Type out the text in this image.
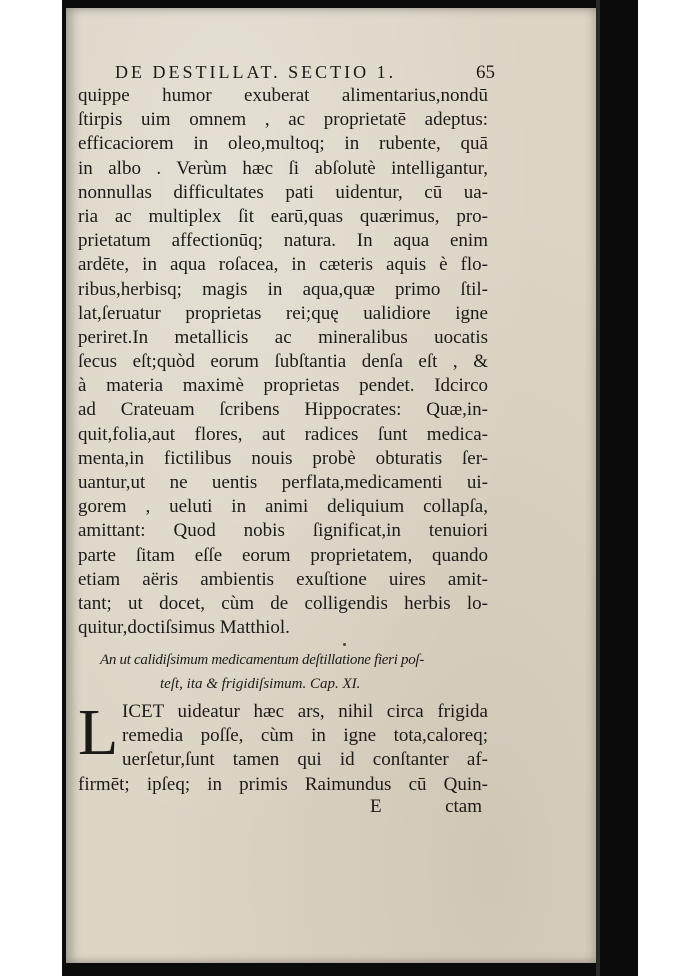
DE DESTILLAT. SECTIO 1.	65
quippe humor exuberat alimentarius,nondū
ſtirpis uim omnem , ac proprietatē adeptus:
efficaciorem in oleo,multoq; in rubente, quā
in albo . Verùm hæc ſi abſolutè intelligantur,
nonnullas difficultates pati uidentur, cū ua-
ria ac multiplex ſit earū,quas quærimus, pro-
prietatum affectionūq; natura. In aqua enim
ardēte, in aqua roſacea, in cæteris aquis è flo-
ribus,herbisq; magis in aqua,quæ primo ſtil-
lat,ſeruatur proprietas rei;quę ualidiore igne
periret.In metallicis ac mineralibus uocatis
ſecus eſt;quòd eorum ſubſtantia denſa eſt , &
à materia maximè proprietas pendet. Idcirco
ad Crateuam ſcribens Hippocrates: Quæ,in-
quit,folia,aut flores, aut radices ſunt medica-
menta,in fictilibus nouis probè obturatis ſer-
uantur,ut ne uentis perflata,medicamenti ui-
gorem , ueluti in animi deliquium collapſa,
amittant: Quod nobis ſignificat,in tenuiori
parte ſitam eſſe eorum proprietatem, quando
etiam aëris ambientis exuſtione uires amit-
tant; ut docet, cùm de colligendis herbis lo-
quitur,doctiſsimus Matthiol.
An ut calidiſsimum medicamentum deſtillatione fieri poſ-
teſt, ita & frigidiſsimum. Cap. XI.
L ICET uideatur hæc ars, nihil circa frigida
remedia poſſe, cùm in igne tota,caloreq;
uerſetur,ſunt tamen qui id conſtanter af-
firmēt; ipſeq; in primis Raimundus cū Quin-
E	ctam
